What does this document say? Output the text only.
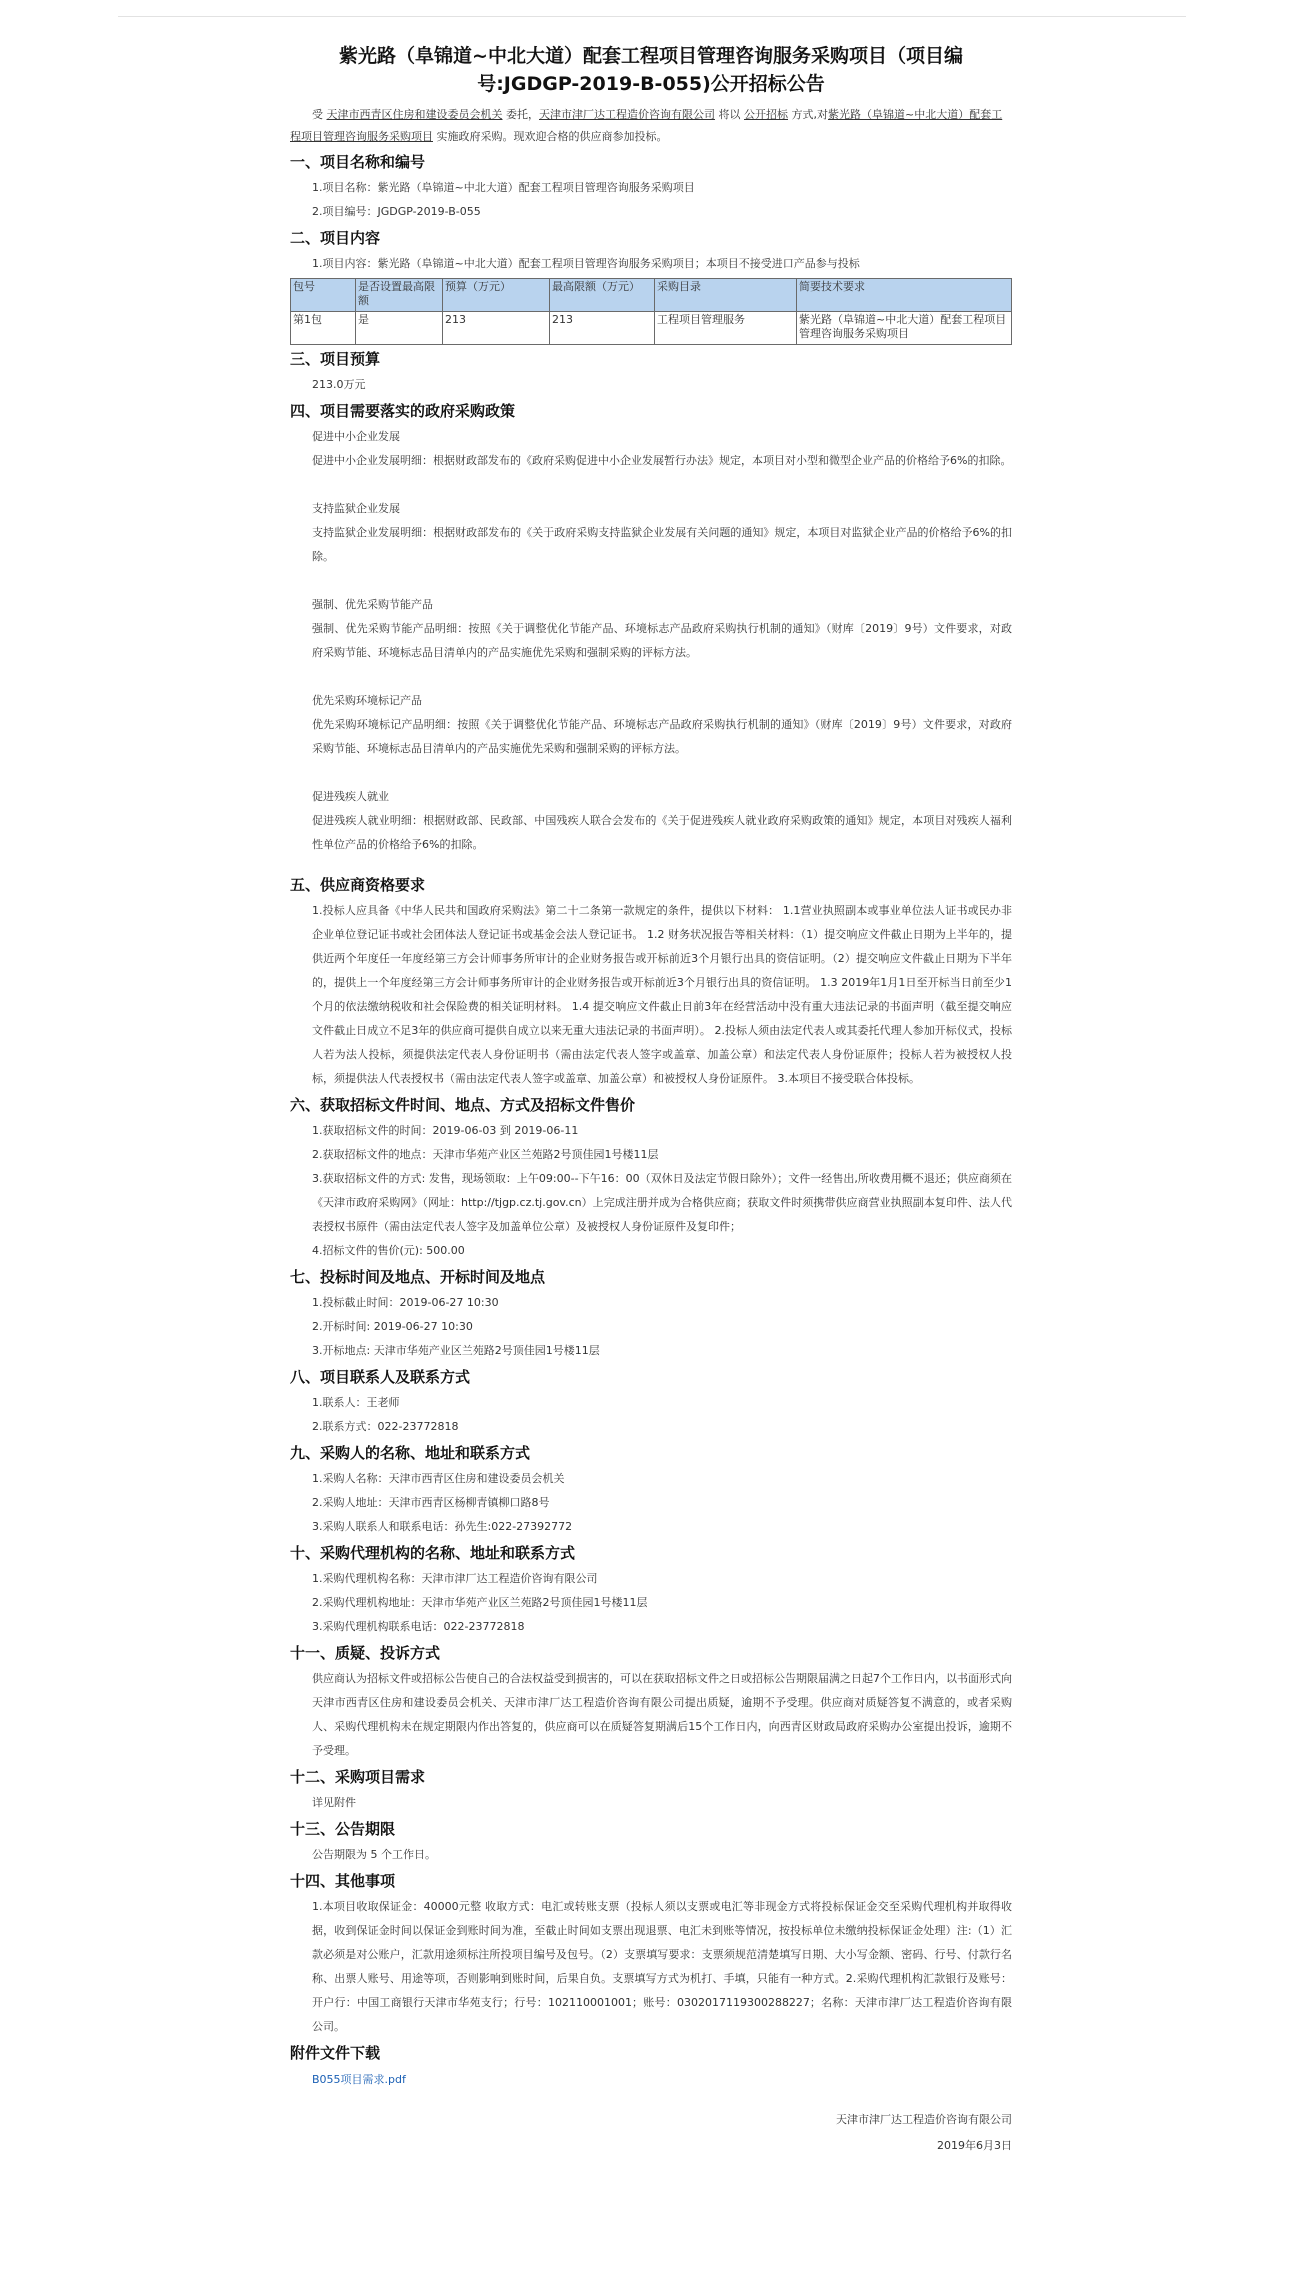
紫光路（阜锦道~中北大道）配套工程项目管理咨询服务采购项目（项目编号:JGDGP-2019-B-055)公开招标公告

受 天津市西青区住房和建设委员会机关 委托，天津市津厂达工程造价咨询有限公司 将以 公开招标 方式,对紫光路（阜锦道~中北大道）配套工程项目管理咨询服务采购项目 实施政府采购。现欢迎合格的供应商参加投标。

一、项目名称和编号

1.项目名称：紫光路（阜锦道~中北大道）配套工程项目管理咨询服务采购项目

2.项目编号：JGDGP-2019-B-055

二、项目内容

1.项目内容：紫光路（阜锦道~中北大道）配套工程项目管理咨询服务采购项目；本项目不接受进口产品参与投标

包号	是否设置最高限额	预算（万元）	最高限额（万元）	采购目录	简要技术要求
第1包	是	213	213	工程项目管理服务	紫光路（阜锦道~中北大道）配套工程项目管理咨询服务采购项目
三、项目预算

213.0万元

四、项目需要落实的政府采购政策

促进中小企业发展

促进中小企业发展明细：根据财政部发布的《政府采购促进中小企业发展暂行办法》规定，本项目对小型和微型企业产品的价格给予6%的扣除。

支持监狱企业发展

支持监狱企业发展明细：根据财政部发布的《关于政府采购支持监狱企业发展有关问题的通知》规定，本项目对监狱企业产品的价格给予6%的扣除。

强制、优先采购节能产品

强制、优先采购节能产品明细：按照《关于调整优化节能产品、环境标志产品政府采购执行机制的通知》（财库〔2019〕9号）文件要求，对政府采购节能、环境标志品目清单内的产品实施优先采购和强制采购的评标方法。

优先采购环境标记产品

优先采购环境标记产品明细：按照《关于调整优化节能产品、环境标志产品政府采购执行机制的通知》（财库〔2019〕9号）文件要求，对政府采购节能、环境标志品目清单内的产品实施优先采购和强制采购的评标方法。

促进残疾人就业

促进残疾人就业明细：根据财政部、民政部、中国残疾人联合会发布的《关于促进残疾人就业政府采购政策的通知》规定，本项目对残疾人福利性单位产品的价格给予6%的扣除。

五、供应商资格要求

1.投标人应具备《中华人民共和国政府采购法》第二十二条第一款规定的条件，提供以下材料： 1.1营业执照副本或事业单位法人证书或民办非企业单位登记证书或社会团体法人登记证书或基金会法人登记证书。 1.2 财务状况报告等相关材料：（1）提交响应文件截止日期为上半年的，提供近两个年度任一年度经第三方会计师事务所审计的企业财务报告或开标前近3个月银行出具的资信证明。（2）提交响应文件截止日期为下半年的，提供上一个年度经第三方会计师事务所审计的企业财务报告或开标前近3个月银行出具的资信证明。 1.3 2019年1月1日至开标当日前至少1个月的依法缴纳税收和社会保险费的相关证明材料。 1.4 提交响应文件截止日前3年在经营活动中没有重大违法记录的书面声明（截至提交响应文件截止日成立不足3年的供应商可提供自成立以来无重大违法记录的书面声明）。 2.投标人须由法定代表人或其委托代理人参加开标仪式，投标人若为法人投标，须提供法定代表人身份证明书（需由法定代表人签字或盖章、加盖公章）和法定代表人身份证原件；投标人若为被授权人投标，须提供法人代表授权书（需由法定代表人签字或盖章、加盖公章）和被授权人身份证原件。 3.本项目不接受联合体投标。

六、获取招标文件时间、地点、方式及招标文件售价

1.获取招标文件的时间：2019-06-03 到 2019-06-11

2.获取招标文件的地点：天津市华苑产业区兰苑路2号顶佳园1号楼11层

3.获取招标文件的方式: 发售，现场领取：上午09:00--下午16：00（双休日及法定节假日除外）；文件一经售出,所收费用概不退还；供应商须在《天津市政府采购网》（网址：http://tjgp.cz.tj.gov.cn）上完成注册并成为合格供应商；获取文件时须携带供应商营业执照副本复印件、法人代表授权书原件（需由法定代表人签字及加盖单位公章）及被授权人身份证原件及复印件；

4.招标文件的售价(元): 500.00

七、投标时间及地点、开标时间及地点

1.投标截止时间：2019-06-27 10:30

2.开标时间: 2019-06-27 10:30

3.开标地点: 天津市华苑产业区兰苑路2号顶佳园1号楼11层

八、项目联系人及联系方式

1.联系人：王老师

2.联系方式：022-23772818

九、采购人的名称、地址和联系方式

1.采购人名称：天津市西青区住房和建设委员会机关

2.采购人地址：天津市西青区杨柳青镇柳口路8号

3.采购人联系人和联系电话：孙先生:022-27392772

十、采购代理机构的名称、地址和联系方式

1.采购代理机构名称：天津市津厂达工程造价咨询有限公司

2.采购代理机构地址：天津市华苑产业区兰苑路2号顶佳园1号楼11层

3.采购代理机构联系电话：022-23772818

十一、质疑、投诉方式

供应商认为招标文件或招标公告使自己的合法权益受到损害的，可以在获取招标文件之日或招标公告期限届满之日起7个工作日内，以书面形式向 天津市西青区住房和建设委员会机关、天津市津厂达工程造价咨询有限公司提出质疑，逾期不予受理。供应商对质疑答复不满意的，或者采购人、采购代理机构未在规定期限内作出答复的，供应商可以在质疑答复期满后15个工作日内，向西青区财政局政府采购办公室提出投诉，逾期不予受理。

十二、采购项目需求

详见附件

十三、公告期限

公告期限为 5 个工作日。

十四、其他事项

1.本项目收取保证金：40000元整 收取方式：电汇或转账支票（投标人须以支票或电汇等非现金方式将投标保证金交至采购代理机构并取得收据，收到保证金时间以保证金到账时间为准，至截止时间如支票出现退票、电汇未到账等情况，按投标单位未缴纳投标保证金处理）注:（1）汇款必须是对公账户，汇款用途须标注所投项目编号及包号。（2）支票填写要求：支票须规范清楚填写日期、大小写金额、密码、行号、付款行名称、出票人账号、用途等项，否则影响到账时间，后果自负。支票填写方式为机打、手填，只能有一种方式。2.采购代理机构汇款银行及账号：开户行：中国工商银行天津市华苑支行；行号：102110001001；账号：0302017119300288227；名称：天津市津厂达工程造价咨询有限公司。

附件文件下载

B055项目需求.pdf

天津市津厂达工程造价咨询有限公司
2019年6月3日
